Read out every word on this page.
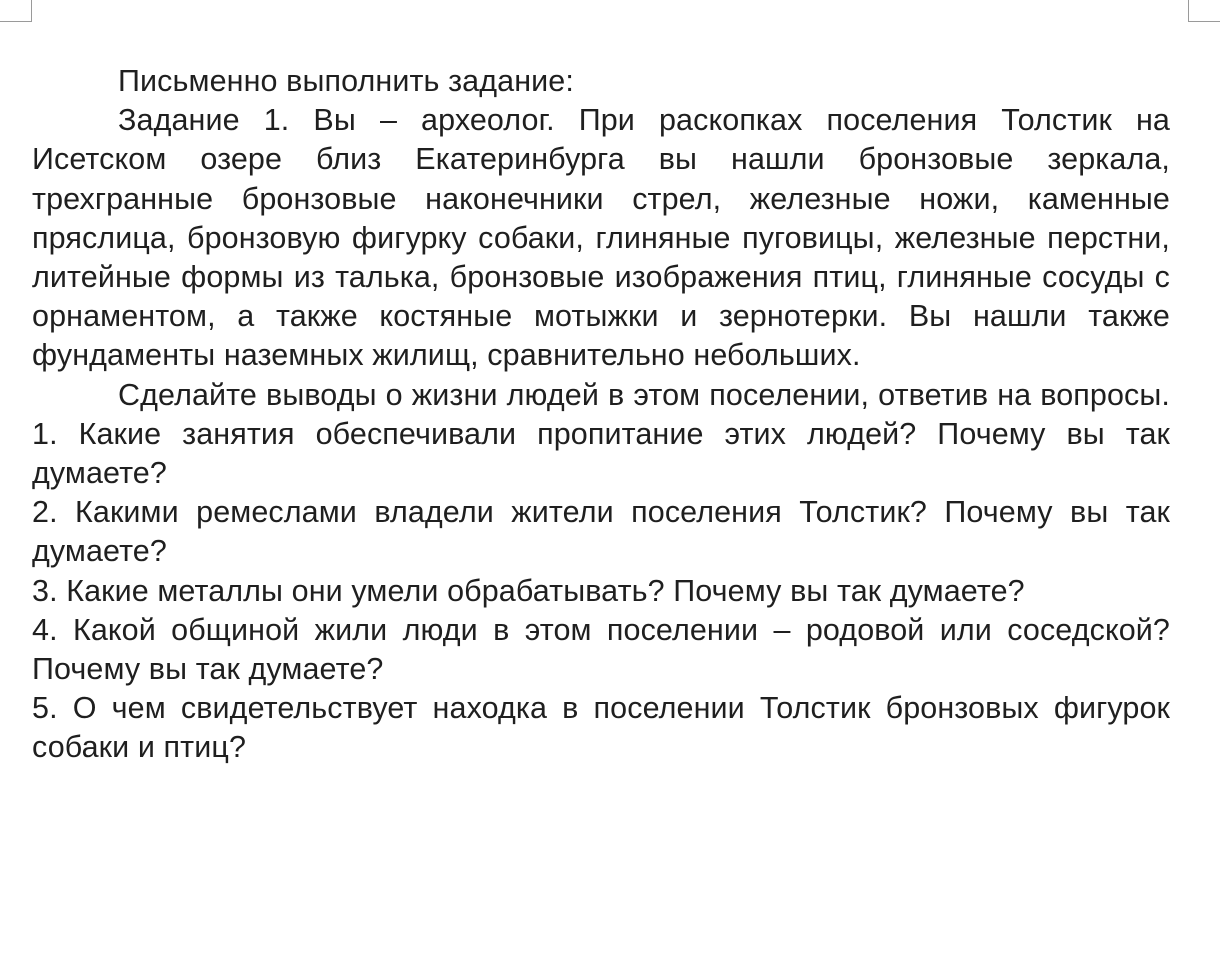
Письменно выполнить задание:

Задание 1. Вы – археолог. При раскопках поселения Толстик на Исетском озере близ Екатеринбурга вы нашли бронзовые зеркала, трехгранные бронзовые наконечники стрел, железные ножи, каменные пряслица, бронзовую фигурку собаки, глиняные пуговицы, железные перстни, литейные формы из талька, бронзовые изображения птиц, глиняные сосуды с орнаментом, а также костяные мотыжки и зернотерки. Вы нашли также фундаменты наземных жилищ, сравнительно небольших.

Сделайте выводы о жизни людей в этом поселении, ответив на вопросы. 1. Какие занятия обеспечивали пропитание этих людей? Почему вы так думаете?

2. Какими ремеслами владели жители поселения Толстик? Почему вы так думаете?

3. Какие металлы они умели обрабатывать? Почему вы так думаете?

4. Какой общиной жили люди в этом поселении – родовой или соседской? Почему вы так думаете?

5. О чем свидетельствует находка в поселении Толстик бронзовых фигурок собаки и птиц?
